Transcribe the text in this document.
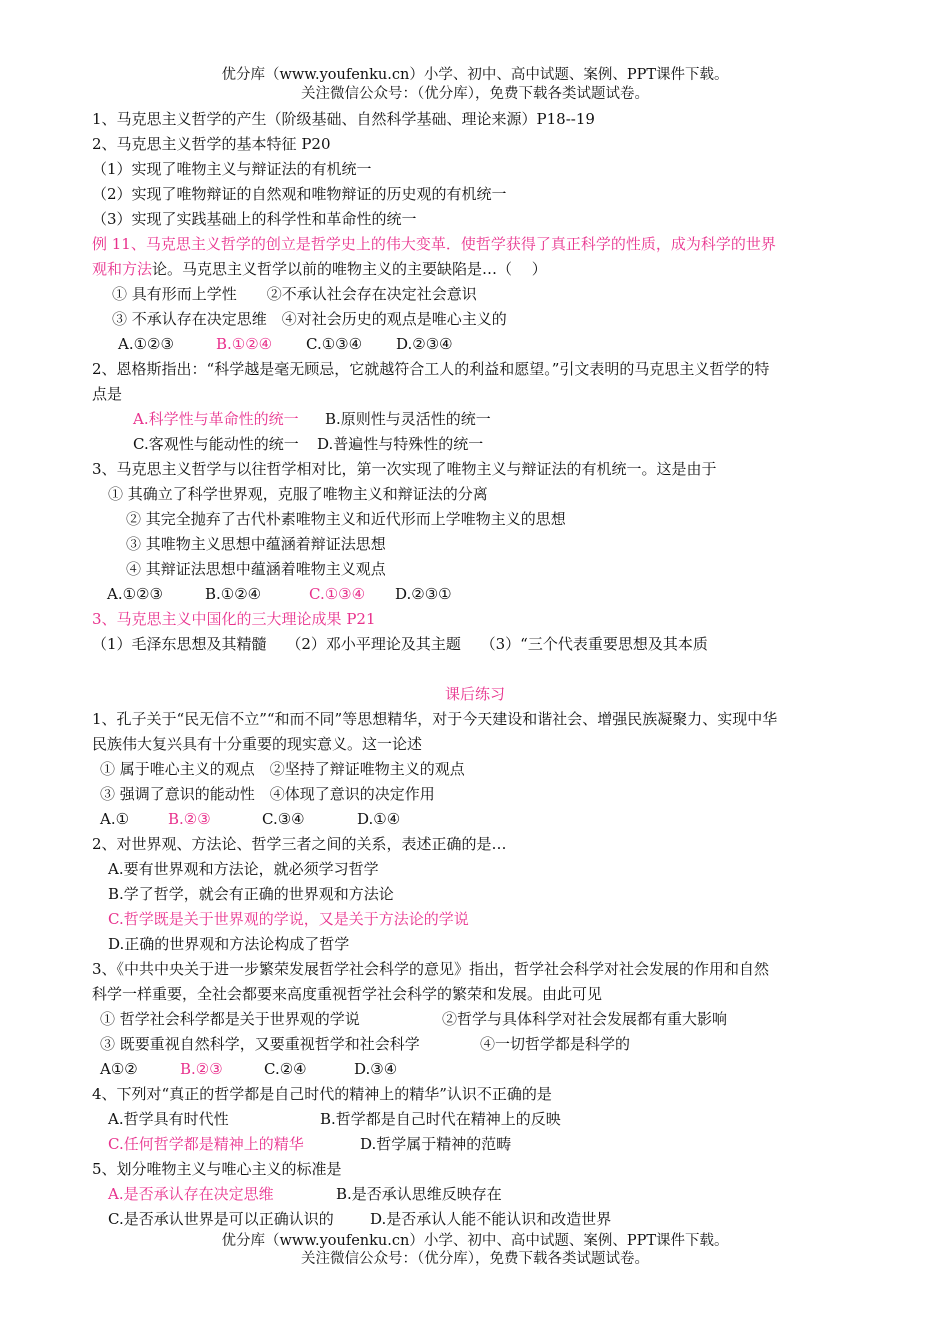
优分库（www.youfenku.cn）小学、初中、高中试题、案例、PPT课件下载。
关注微信公众号：（优分库），免费下载各类试题试卷。
1、马克思主义哲学的产生（阶级基础、自然科学基础、理论来源）P18--19
2、马克思主义哲学的基本特征 P20
（1）实现了唯物主义与辩证法的有机统一
（2）实现了唯物辩证的自然观和唯物辩证的历史观的有机统一
（3）实现了实践基础上的科学性和革命性的统一
例 11、马克思主义哲学的创立是哲学史上的伟大变革．使哲学获得了真正科学的性质，成为科学的世界
观和方法论。马克思主义哲学以前的唯物主义的主要缺陷是…（　 ）
① 具有形而上学性　　②不承认社会存在决定社会意识
③ 不承认存在决定思维　④对社会历史的观点是唯心主义的
A.①②③	B.①②④ C.①③④ D.②③④
2、恩格斯指出：“科学越是毫无顾忌，它就越符合工人的利益和愿望。”引文表明的马克思主义哲学的特
点是
A.科学性与革命性的统一 B.原则性与灵活性的统一
C.客观性与能动性的统一 D.普遍性与特殊性的统一
3、马克思主义哲学与以往哲学相对比，第一次实现了唯物主义与辩证法的有机统一。这是由于
① 其确立了科学世界观，克服了唯物主义和辩证法的分离
② 其完全抛弃了古代朴素唯物主义和近代形而上学唯物主义的思想
③ 其唯物主义思想中蕴涵着辩证法思想
④ 其辩证法思想中蕴涵着唯物主义观点
A.①②③	B.①②④	C.①③④ D.②③①
3、马克思主义中国化的三大理论成果 P21
（1）毛泽东思想及其精髓　 （2）邓小平理论及其主题　 （3）“三个代表重要思想及其本质
课后练习
1、孔子关于“民无信不立”“和而不同”等思想精华，对于今天建设和谐社会、增强民族凝聚力、实现中华
民族伟大复兴具有十分重要的现实意义。这一论述
① 属于唯心主义的观点　②坚持了辩证唯物主义的观点
③ 强调了意识的能动性　④体现了意识的决定作用
A.①	B.②③	C.③④	D.①④
2、对世界观、方法论、哲学三者之间的关系，表述正确的是…
A.要有世界观和方法论，就必须学习哲学
B.学了哲学，就会有正确的世界观和方法论
C.哲学既是关于世界观的学说，又是关于方法论的学说
D.正确的世界观和方法论构成了哲学
3、《中共中央关于进一步繁荣发展哲学社会科学的意见》指出，哲学社会科学对社会发展的作用和自然
科学一样重要，全社会都要来高度重视哲学社会科学的繁荣和发展。由此可见
① 哲学社会科学都是关于世界观的学说	②哲学与具体科学对社会发展都有重大影响
③ 既要重视自然科学，又要重视哲学和社会科学	④一切哲学都是科学的
A①②	B.②③	C.②④	D.③④
4、下列对“真正的哲学都是自己时代的精神上的精华”认识不正确的是
A.哲学具有时代性	B.哲学都是自己时代在精神上的反映
C.任何哲学都是精神上的精华	D.哲学属于精神的范畴
5、划分唯物主义与唯心主义的标准是
A.是否承认存在决定思维	B.是否承认思维反映存在
C.是否承认世界是可以正确认识的 D.是否承认人能不能认识和改造世界
优分库（www.youfenku.cn）小学、初中、高中试题、案例、PPT课件下载。
关注微信公众号：（优分库），免费下载各类试题试卷。
